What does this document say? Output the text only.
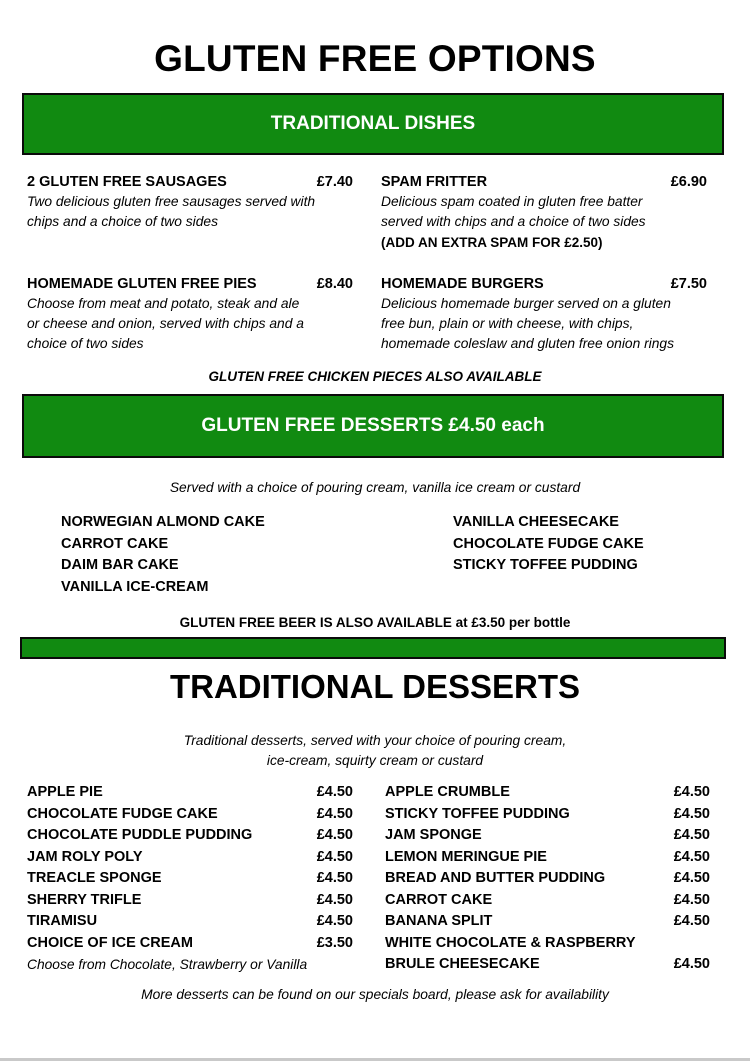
GLUTEN FREE OPTIONS
TRADITIONAL DISHES
2 GLUTEN FREE SAUSAGES	£7.40
Two delicious gluten free sausages served with
chips and a choice of two sides
SPAM FRITTER	£6.90
Delicious spam coated in gluten free batter
served with chips and a choice of two sides
(ADD AN EXTRA SPAM FOR £2.50)
HOMEMADE GLUTEN FREE PIES	£8.40
Choose from meat and potato, steak and ale
or cheese and onion, served with chips and a
choice of two sides
HOMEMADE BURGERS	£7.50
Delicious homemade burger served on a gluten
free bun, plain or with cheese, with chips,
homemade coleslaw and gluten free onion rings
GLUTEN FREE CHICKEN PIECES ALSO AVAILABLE
GLUTEN FREE DESSERTS £4.50 each
Served with a choice of pouring cream, vanilla ice cream or custard
NORWEGIAN ALMOND CAKE
CARROT CAKE
DAIM BAR CAKE
VANILLA ICE-CREAM
VANILLA CHEESECAKE
CHOCOLATE FUDGE CAKE
STICKY TOFFEE PUDDING
GLUTEN FREE BEER IS ALSO AVAILABLE at £3.50 per bottle
TRADITIONAL DESSERTS
Traditional desserts, served with your choice of pouring cream,
ice-cream, squirty cream or custard
APPLE PIE	£4.50
CHOCOLATE FUDGE CAKE	£4.50
CHOCOLATE PUDDLE PUDDING	£4.50
JAM ROLY POLY	£4.50
TREACLE SPONGE	£4.50
SHERRY TRIFLE	£4.50
TIRAMISU	£4.50
CHOICE OF ICE CREAM	£3.50
Choose from Chocolate, Strawberry or Vanilla
APPLE CRUMBLE	£4.50
STICKY TOFFEE PUDDING	£4.50
JAM SPONGE	£4.50
LEMON MERINGUE PIE	£4.50
BREAD AND BUTTER PUDDING	£4.50
CARROT CAKE	£4.50
BANANA SPLIT	£4.50
WHITE CHOCOLATE & RASPBERRY
BRULE CHEESECAKE	£4.50
More desserts can be found on our specials board, please ask for availability
